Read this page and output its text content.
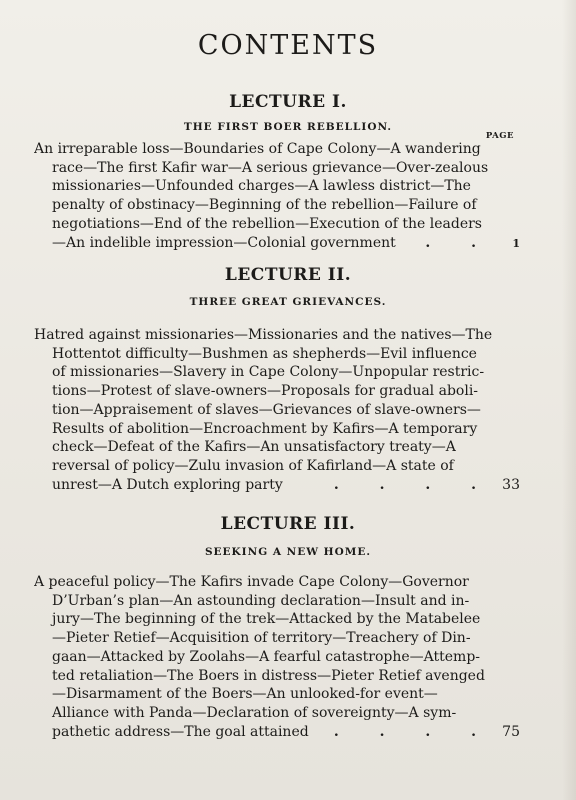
CONTENTS
LECTURE I.
THE FIRST BOER REBELLION.
PAGE
An irreparable loss—Boundaries of Cape Colony—A wandering
race—The first Kafir war—A serious grievance—Over-zealous
missionaries—Unfounded charges—A lawless district—The
penalty of obstinacy—Beginning of the rebellion—Failure of
negotiations—End of the rebellion—Execution of the leaders
—An indelible impression—Colonial government	. .	1
LECTURE II.
THREE GREAT GRIEVANCES.
Hatred against missionaries—Missionaries and the natives—The
Hottentot difficulty—Bushmen as shepherds—Evil influence
of missionaries—Slavery in Cape Colony—Unpopular restric-
tions—Protest of slave-owners—Proposals for gradual aboli-
tion—Appraisement of slaves—Grievances of slave-owners—
Results of abolition—Encroachment by Kafirs—A temporary
check—Defeat of the Kafirs—An unsatisfactory treaty—A
reversal of policy—Zulu invasion of Kafirland—A state of
unrest—A Dutch exploring party	. . . . 33
LECTURE III.
SEEKING A NEW HOME.
A peaceful policy—The Kafirs invade Cape Colony—Governor
D’Urban’s plan—An astounding declaration—Insult and in-
jury—The beginning of the trek—Attacked by the Matabelee
—Pieter Retief—Acquisition of territory—Treachery of Din-
gaan—Attacked by Zoolahs—A fearful catastrophe—Attemp-
ted retaliation—The Boers in distress—Pieter Retief avenged
—Disarmament of the Boers—An unlooked-for event—
Alliance with Panda—Declaration of sovereignty—A sym-
pathetic address—The goal attained	. . . . 75
